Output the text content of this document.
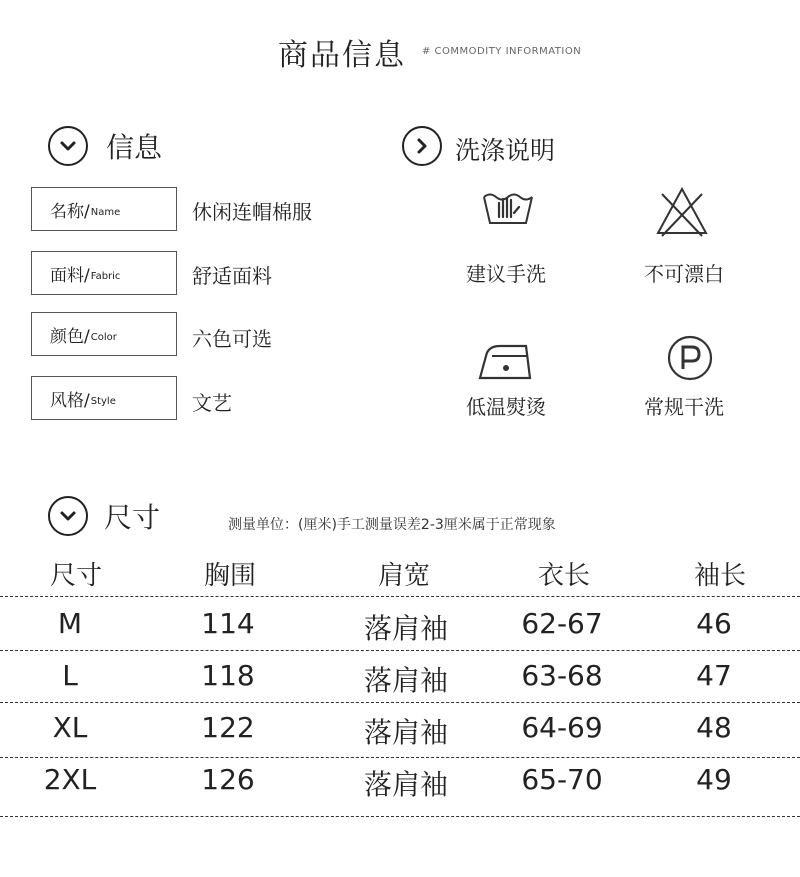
商品信息 # COMMODITY INFORMATION
信息
名称/ Name	休闲连帽棉服
面料/ Fabric	舒适面料
颜色/ Color	六色可选
风格/ Style	文艺
洗涤说明
建议手洗	不可漂白
低温熨烫	常规干洗
尺寸	测量单位：(厘米)手工测量误差2-3厘米属于正常现象
尺寸	胸围	肩宽	衣长	袖长
M	114	落肩袖	62-67	46
L	118	落肩袖	63-68	47
XL	122	落肩袖	64-69	48
2XL	126	落肩袖	65-70	49
